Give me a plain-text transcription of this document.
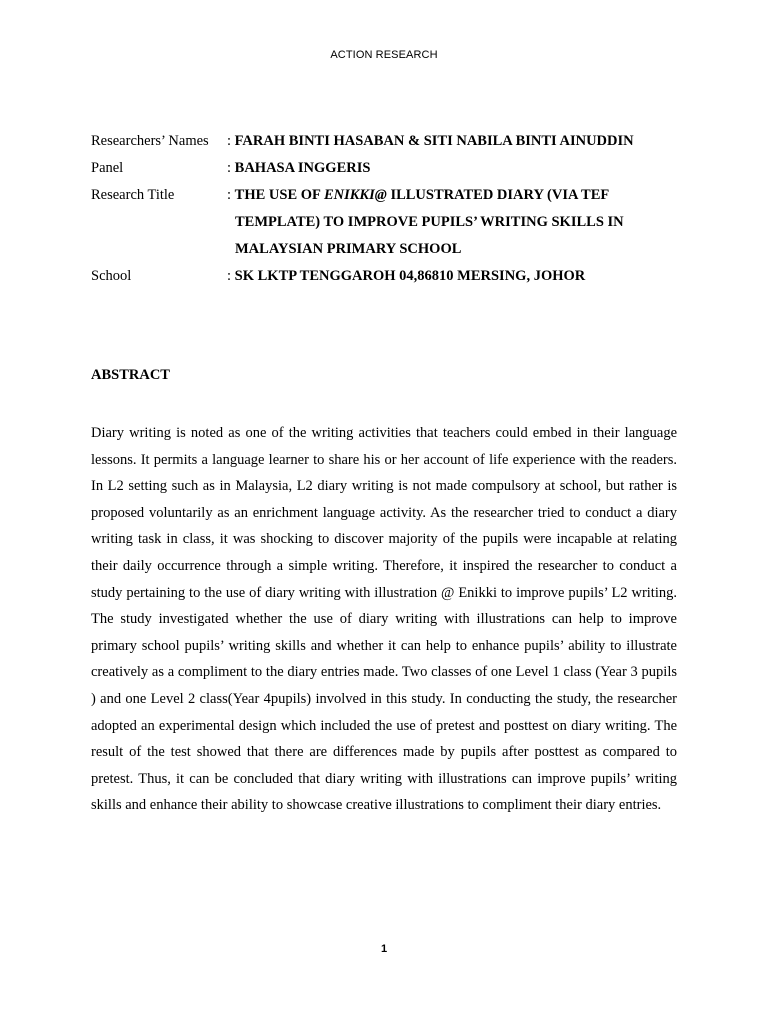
ACTION RESEARCH
Researchers’ Names	: FARAH BINTI HASABAN & SITI NABILA BINTI AINUDDIN
Panel	: BAHASA INGGERIS
Research Title	: THE USE OF ENIKKI@ ILLUSTRATED DIARY (VIA TEF
TEMPLATE) TO IMPROVE PUPILS’ WRITING SKILLS IN
MALAYSIAN PRIMARY SCHOOL
School	: SK LKTP TENGGAROH 04,86810 MERSING, JOHOR
ABSTRACT
Diary writing is noted as one of the writing activities that teachers could embed in their language lessons. It permits a language learner to share his or her account of life experience with the readers. In L2 setting such as in Malaysia, L2 diary writing is not made compulsory at school, but rather is proposed voluntarily as an enrichment language activity. As the researcher tried to conduct a diary writing task in class, it was shocking to discover majority of the pupils were incapable at relating their daily occurrence through a simple writing. Therefore, it inspired the researcher to conduct a study pertaining to the use of diary writing with illustration @ Enikki to improve pupils’ L2 writing. The study investigated whether the use of diary writing with illustrations can help to improve primary school pupils’ writing skills and whether it can help to enhance pupils’ ability to illustrate creatively as a compliment to the diary entries made. Two classes of one Level 1 class (Year 3 pupils ) and one Level 2 class(Year 4pupils) involved in this study. In conducting the study, the researcher adopted an experimental design which included the use of pretest and posttest on diary writing. The result of the test showed that there are differences made by pupils after posttest as compared to pretest. Thus, it can be concluded that diary writing with illustrations can improve pupils’ writing skills and enhance their ability to showcase creative illustrations to compliment their diary entries.
1
